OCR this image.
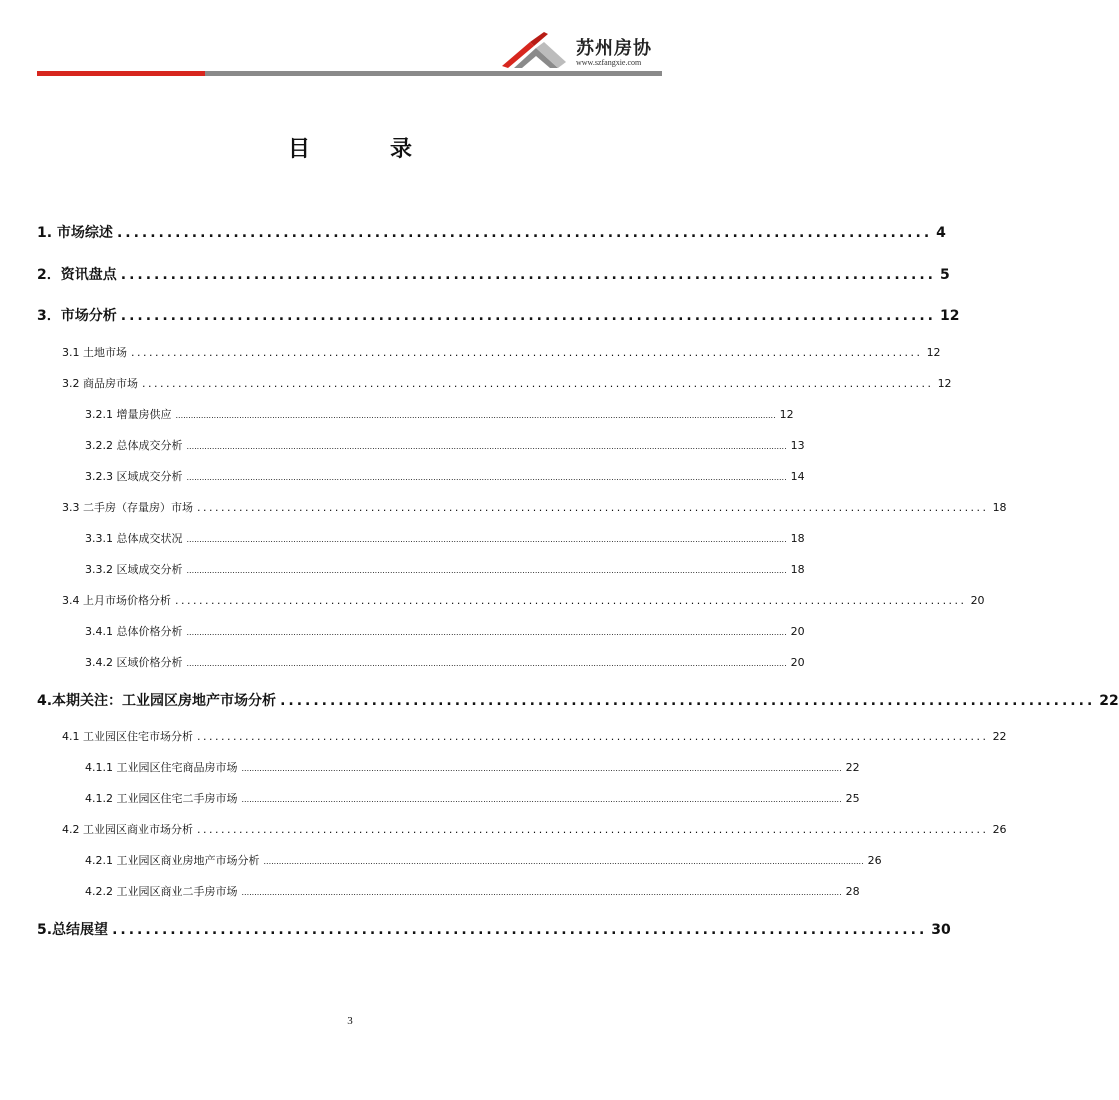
苏州房协
www.szfangxie.com
目	录
1. 市场综述 .................................................................................................. 4
2．资讯盘点 .................................................................................................. 5
3．市场分析 .................................................................................................. 12
3.1 土地市场 .................................................................................................................................... 12
3.2 商品房市场 .................................................................................................................................... 12
3.2.1 增量房供应 ............................................................................................................................................................................................................................................ 12
3.2.2 总体成交分析 ............................................................................................................................................................................................................................................ 13
3.2.3 区域成交分析 ............................................................................................................................................................................................................................................ 14
3.3 二手房（存量房）市场 .................................................................................................................................... 18
3.3.1 总体成交状况 ............................................................................................................................................................................................................................................ 18
3.3.2 区域成交分析 ............................................................................................................................................................................................................................................ 18
3.4 上月市场价格分析 .................................................................................................................................... 20
3.4.1 总体价格分析 ............................................................................................................................................................................................................................................ 20
3.4.2 区域价格分析 ............................................................................................................................................................................................................................................ 20
4.本期关注：工业园区房地产市场分析 .................................................................................................. 22
4.1 工业园区住宅市场分析 .................................................................................................................................... 22
4.1.1 工业园区住宅商品房市场 ............................................................................................................................................................................................................................................ 22
4.1.2 工业园区住宅二手房市场 ............................................................................................................................................................................................................................................ 25
4.2 工业园区商业市场分析 .................................................................................................................................... 26
4.2.1 工业园区商业房地产市场分析 ............................................................................................................................................................................................................................................ 26
4.2.2 工业园区商业二手房市场 ............................................................................................................................................................................................................................................ 28
5.总结展望 .................................................................................................. 30
3
